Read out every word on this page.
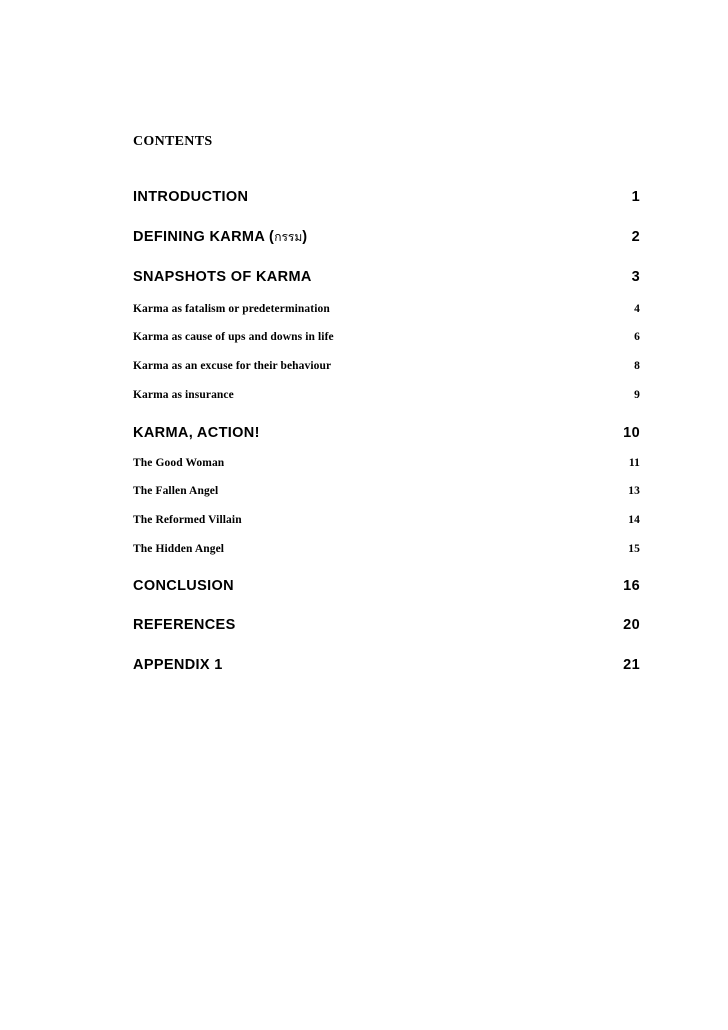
CONTENTS
INTRODUCTION	1
DEFINING KARMA (กรรม)	2
SNAPSHOTS OF KARMA	3
Karma as fatalism or predetermination	4
Karma as cause of ups and downs in life	6
Karma as an excuse for their behaviour	8
Karma as insurance	9
KARMA, ACTION!	10
The Good Woman	11
The Fallen Angel	13
The Reformed Villain	14
The Hidden Angel	15
CONCLUSION	16
REFERENCES	20
APPENDIX 1	21
